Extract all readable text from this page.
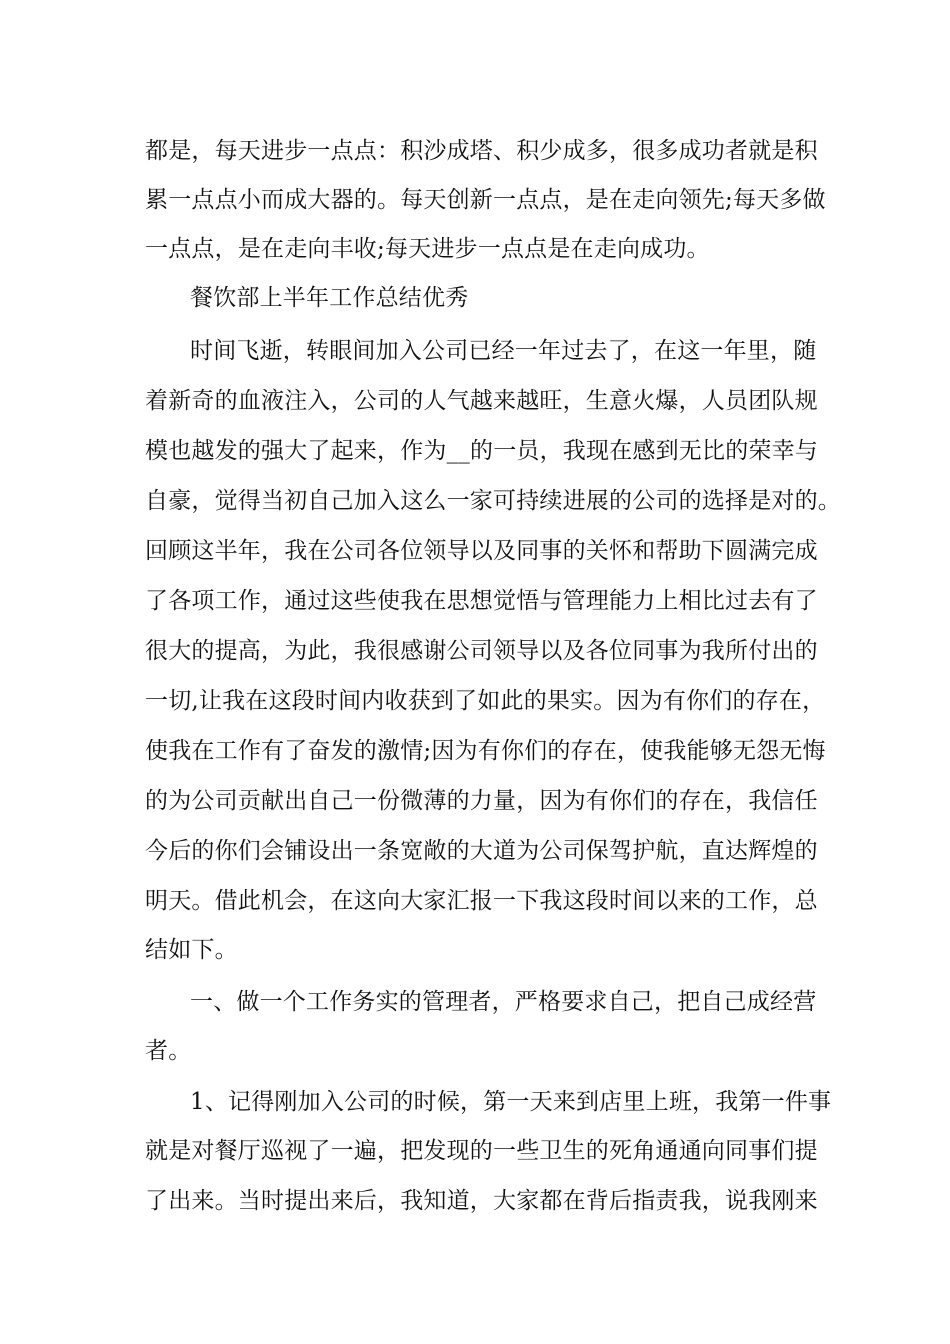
都是，每天进步一点点：积沙成塔、积少成多，很多成功者就是积
累一点点小而成大器的。每天创新一点点，是在走向领先;每天多做
一点点，是在走向丰收;每天进步一点点是在走向成功。
餐饮部上半年工作总结优秀
时间飞逝，转眼间加入公司已经一年过去了，在这一年里，随
着新奇的血液注入，公司的人气越来越旺，生意火爆，人员团队规
模也越发的强大了起来，作为__的一员，我现在感到无比的荣幸与
自豪，觉得当初自己加入这么一家可持续进展的公司的选择是对的。
回顾这半年，我在公司各位领导以及同事的关怀和帮助下圆满完成
了各项工作，通过这些使我在思想觉悟与管理能力上相比过去有了
很大的提高，为此，我很感谢公司领导以及各位同事为我所付出的
一切,让我在这段时间内收获到了如此的果实。因为有你们的存在，
使我在工作有了奋发的激情;因为有你们的存在，使我能够无怨无悔
的为公司贡献出自己一份微薄的力量，因为有你们的存在，我信任
今后的你们会铺设出一条宽敞的大道为公司保驾护航，直达辉煌的
明天。借此机会，在这向大家汇报一下我这段时间以来的工作，总
结如下。
一、做一个工作务实的管理者，严格要求自己，把自己成经营
者。
1、记得刚加入公司的时候，第一天来到店里上班，我第一件事
就是对餐厅巡视了一遍，把发现的一些卫生的死角通通向同事们提
了出来。当时提出来后，我知道，大家都在背后指责我，说我刚来
